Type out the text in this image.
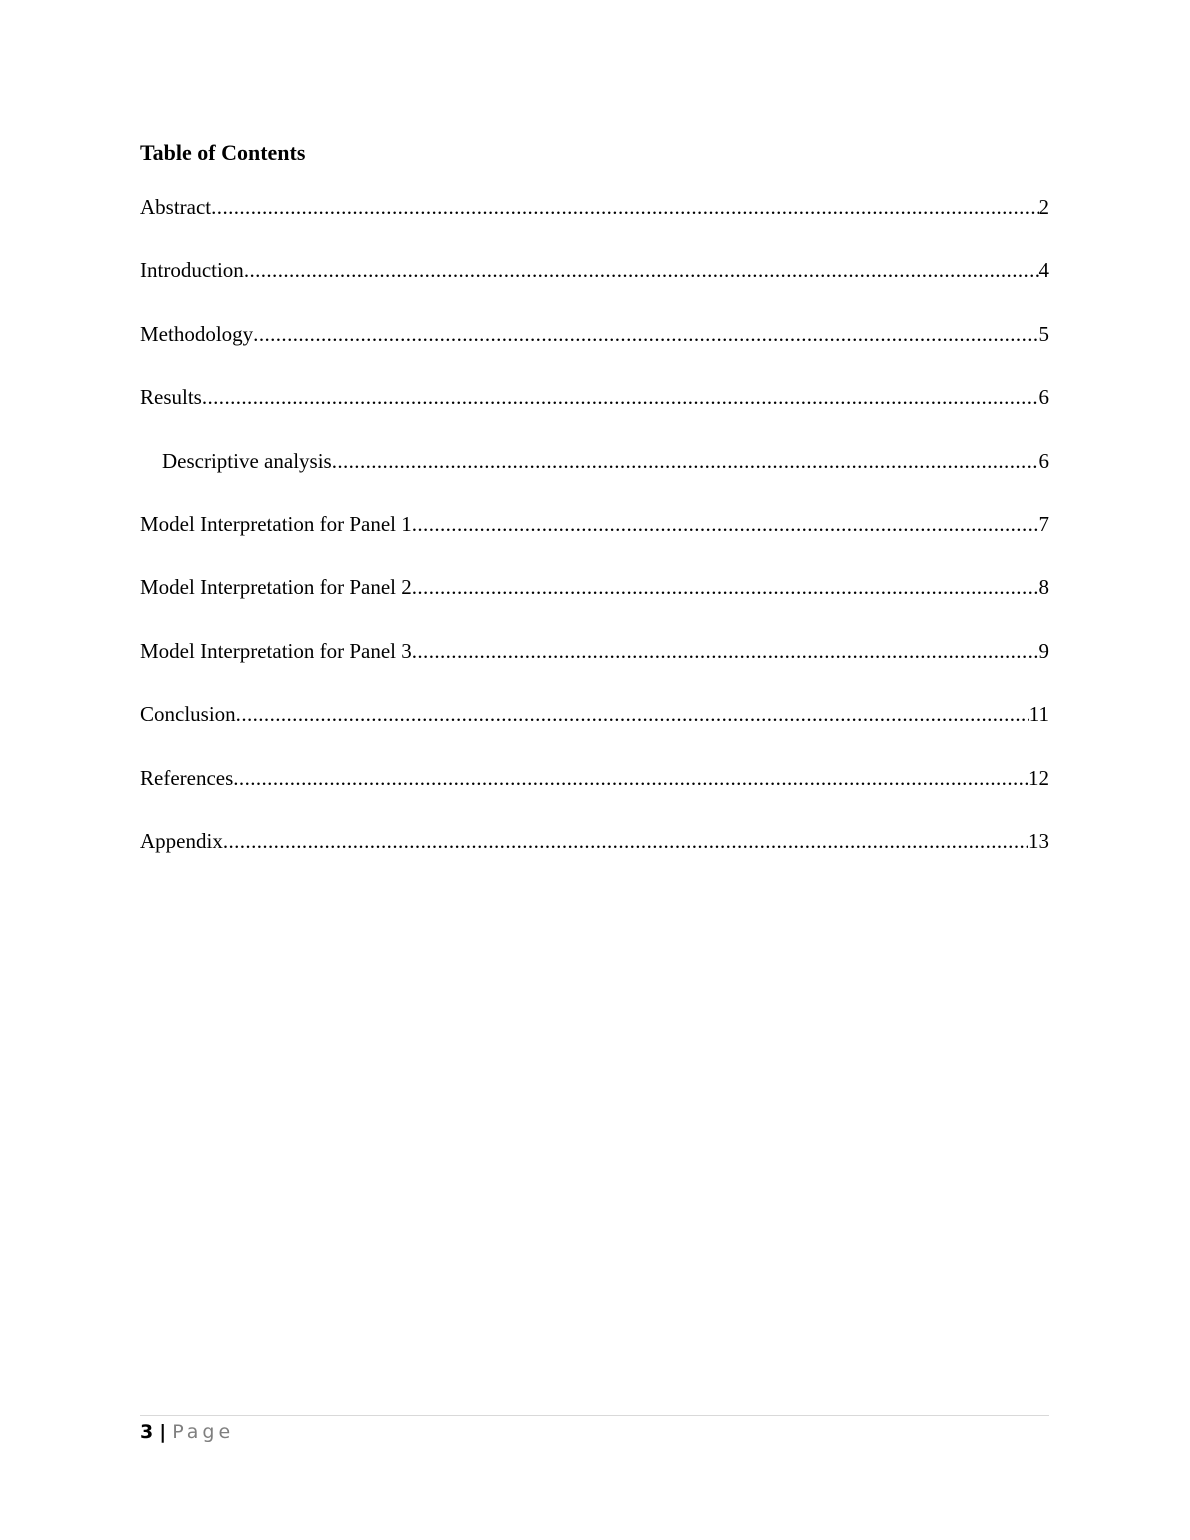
Table of Contents
Abstract .....	2
Introduction .....	4
Methodology .....	5
Results .....	6
Descriptive analysis .....	6
Model Interpretation for Panel 1 .....	7
Model Interpretation for Panel 2 .....	8
Model Interpretation for Panel 3 .....	9
Conclusion .....	11
References .....	12
Appendix .....	13
3 | Page
